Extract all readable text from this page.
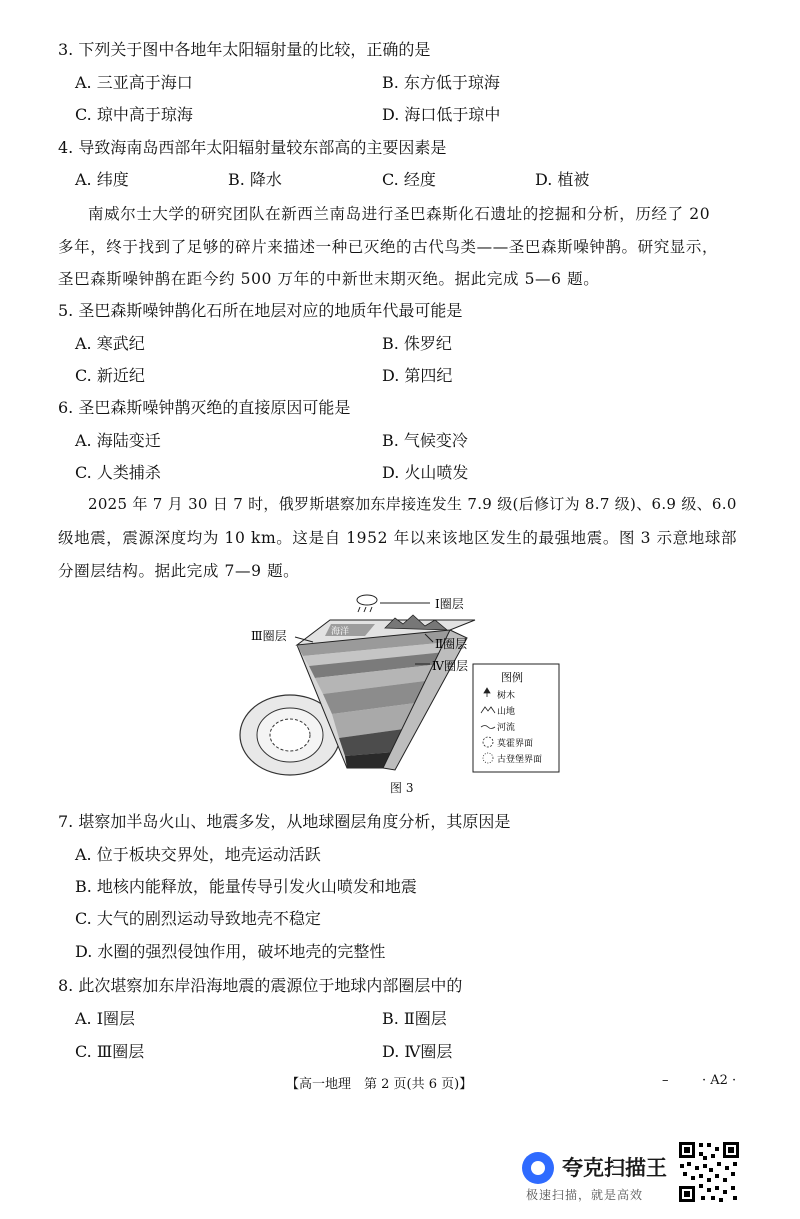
3. 下列关于图中各地年太阳辐射量的比较，正确的是
A. 三亚高于海口	B. 东方低于琼海
C. 琼中高于琼海	D. 海口低于琼中
4. 导致海南岛西部年太阳辐射量较东部高的主要因素是
A. 纬度	B. 降水	C. 经度	D. 植被
南威尔士大学的研究团队在新西兰南岛进行圣巴森斯化石遗址的挖掘和分析，历经了 20
多年，终于找到了足够的碎片来描述一种已灭绝的古代鸟类——圣巴森斯噪钟鹊。研究显示，
圣巴森斯噪钟鹊在距今约 500 万年的中新世末期灭绝。据此完成 5—6 题。
5. 圣巴森斯噪钟鹊化石所在地层对应的地质年代最可能是
A. 寒武纪	B. 侏罗纪
C. 新近纪	D. 第四纪
6. 圣巴森斯噪钟鹊灭绝的直接原因可能是
A. 海陆变迁	B. 气候变冷
C. 人类捕杀	D. 火山喷发
2025 年 7 月 30 日 7 时，俄罗斯堪察加东岸接连发生 7.9 级(后修订为 8.7 级)、6.9 级、6.0
级地震，震源深度均为 10 km。这是自 1952 年以来该地区发生的最强地震。图 3 示意地球部
分圈层结构。据此完成 7—9 题。
Ⅰ圈层
Ⅱ圈层
Ⅲ圈层
Ⅳ圈层
海洋
图例
树木
山地
河流
莫霍界面
古登堡界面
图 3
7. 堪察加半岛火山、地震多发，从地球圈层角度分析，其原因是
A. 位于板块交界处，地壳运动活跃
B. 地核内能释放，能量传导引发火山喷发和地震
C. 大气的剧烈运动导致地壳不稳定
D. 水圈的强烈侵蚀作用，破坏地壳的完整性
8. 此次堪察加东岸沿海地震的震源位于地球内部圈层中的
A. Ⅰ圈层	B. Ⅱ圈层
C. Ⅲ圈层	D. Ⅳ圈层
【高一地理　第 2 页(共 6 页)】	–	· A2 ·
夸克扫描王
极速扫描，就是高效
